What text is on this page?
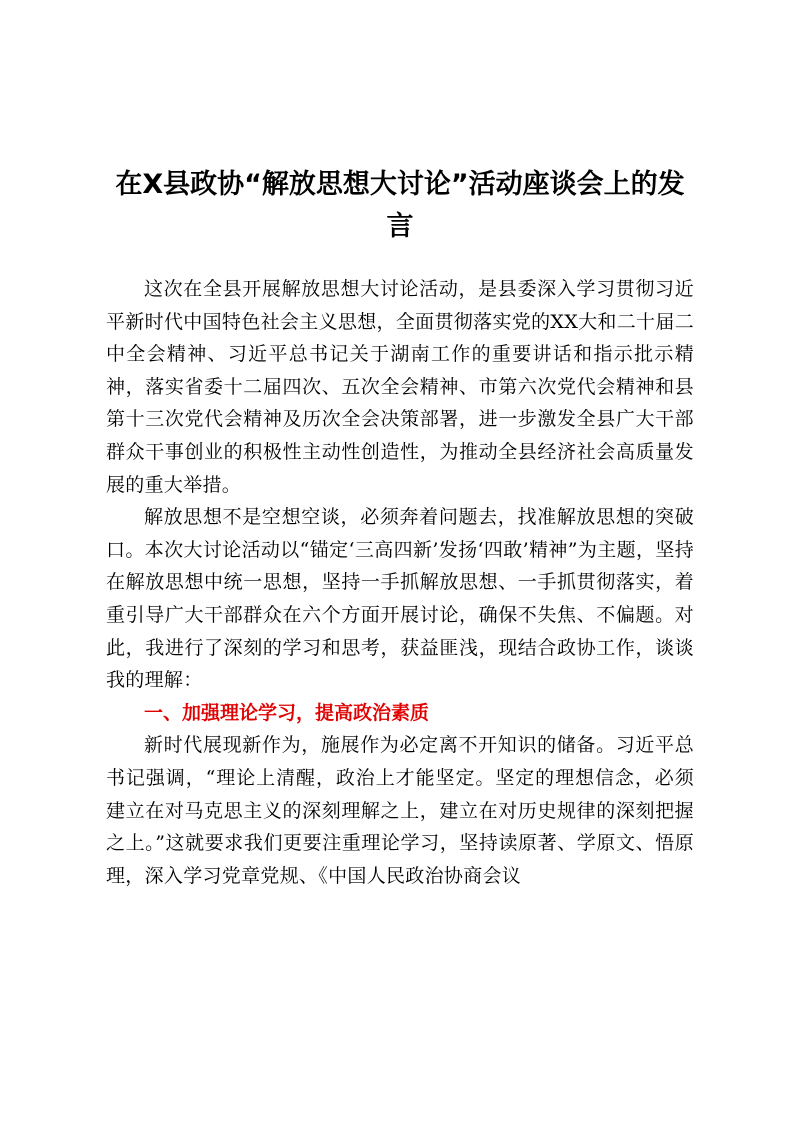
在X县政协“解放思想大讨论”活动座谈会上的发言

这次在全县开展解放思想大讨论活动，是县委深入学习贯彻习近平新时代中国特色社会主义思想，全面贯彻落实党的XX大和二十届二中全会精神、习近平总书记关于湖南工作的重要讲话和指示批示精神，落实省委十二届四次、五次全会精神、市第六次党代会精神和县第十三次党代会精神及历次全会决策部署，进一步激发全县广大干部群众干事创业的积极性主动性创造性，为推动全县经济社会高质量发展的重大举措。

解放思想不是空想空谈，必须奔着问题去，找准解放思想的突破口。本次大讨论活动以“锚定‘三高四新’发扬‘四敢’精神”为主题，坚持在解放思想中统一思想，坚持一手抓解放思想、一手抓贯彻落实，着重引导广大干部群众在六个方面开展讨论，确保不失焦、不偏题。对此，我进行了深刻的学习和思考，获益匪浅，现结合政协工作，谈谈我的理解：

一、加强理论学习，提高政治素质

新时代展现新作为，施展作为必定离不开知识的储备。习近平总书记强调，“理论上清醒，政治上才能坚定。坚定的理想信念，必须建立在对马克思主义的深刻理解之上，建立在对历史规律的深刻把握之上。”这就要求我们更要注重理论学习，坚持读原著、学原文、悟原理，深入学习党章党规、《中国人民政治协商会议
